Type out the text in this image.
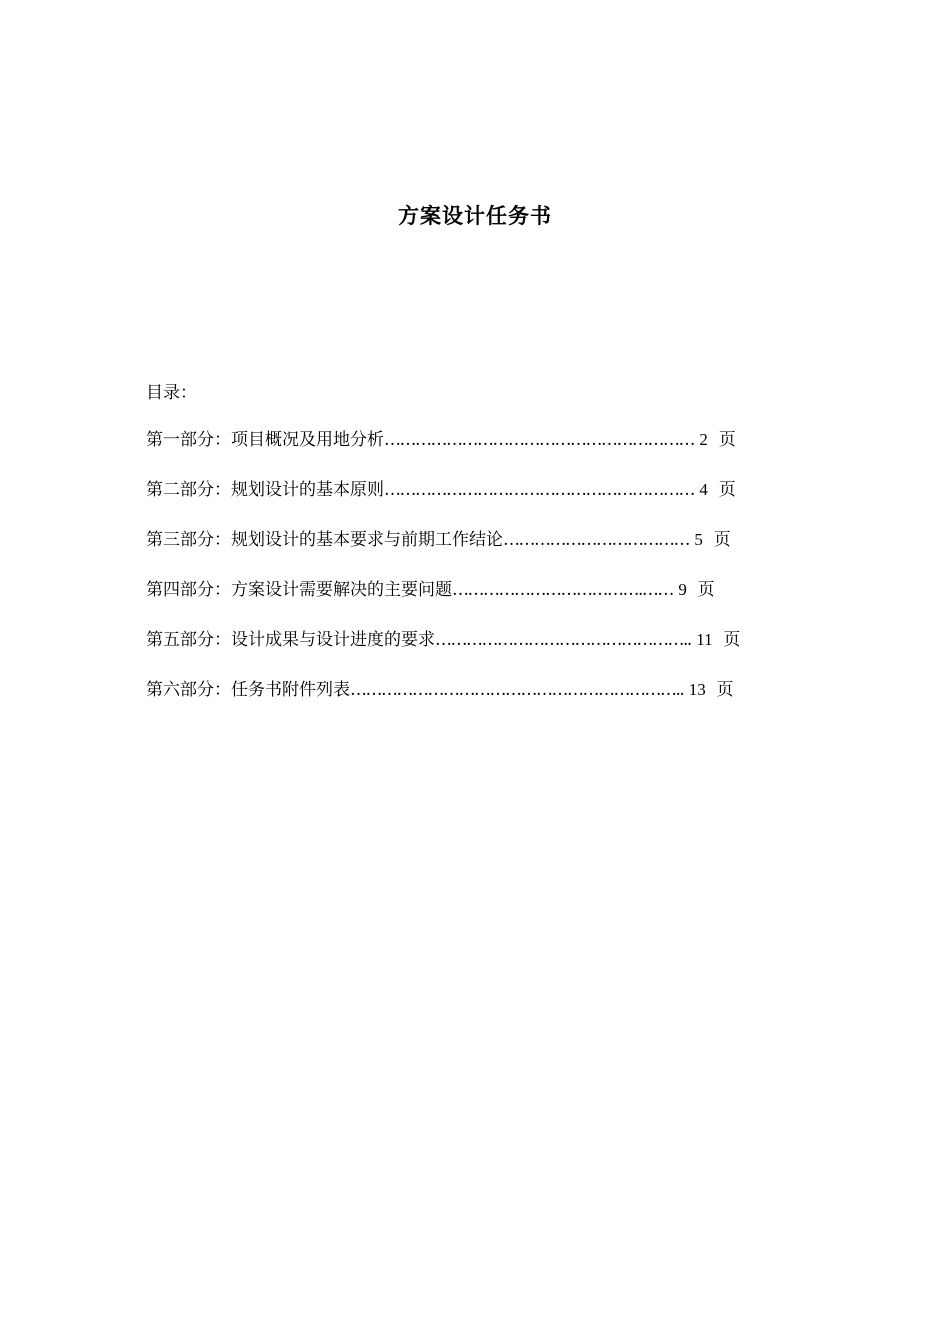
方案设计任务书
目录：
第一部分：项目概况及用地分析…………………………………………………… 2 页
第二部分：规划设计的基本原则…………………………………………………… 4 页
第三部分：规划设计的基本要求与前期工作结论……………………………… 5 页
第四部分：方案设计需要解决的主要问题……………………………….…… 9 页
第五部分：设计成果与设计进度的要求………………………………………….. 11 页
第六部分：任务书附件列表……………………………………………………….. 13 页
